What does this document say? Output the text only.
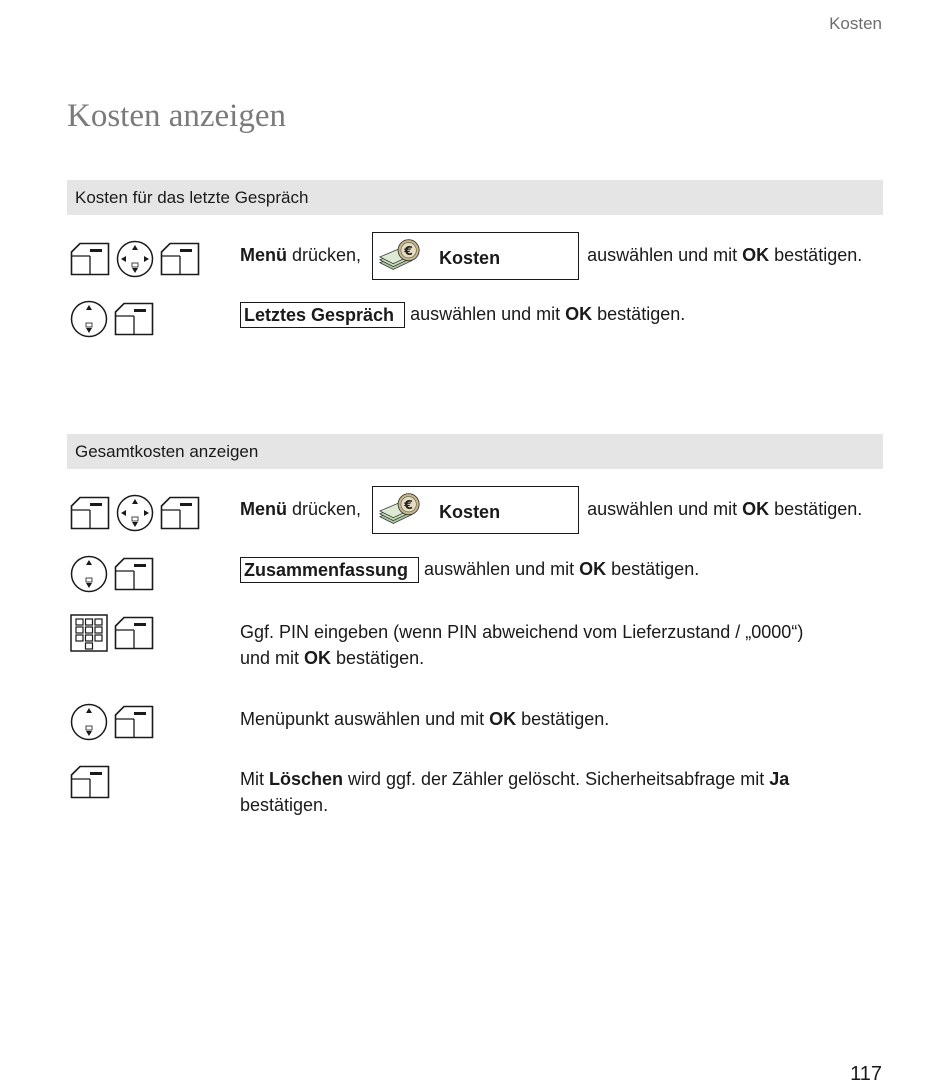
Kosten
Kosten anzeigen
Kosten für das letzte Gespräch
Menü drücken,	Kosten	auswählen und mit OK bestätigen.
Letztes Gespräch auswählen und mit OK bestätigen.
Gesamtkosten anzeigen
Menü drücken,	Kosten	auswählen und mit OK bestätigen.
Zusammenfassung auswählen und mit OK bestätigen.
Ggf. PIN eingeben (wenn PIN abweichend vom Lieferzustand / „0000“)
und mit OK bestätigen.
Menüpunkt auswählen und mit OK bestätigen.
Mit Löschen wird ggf. der Zähler gelöscht. Sicherheitsabfrage mit Ja
bestätigen.
117
